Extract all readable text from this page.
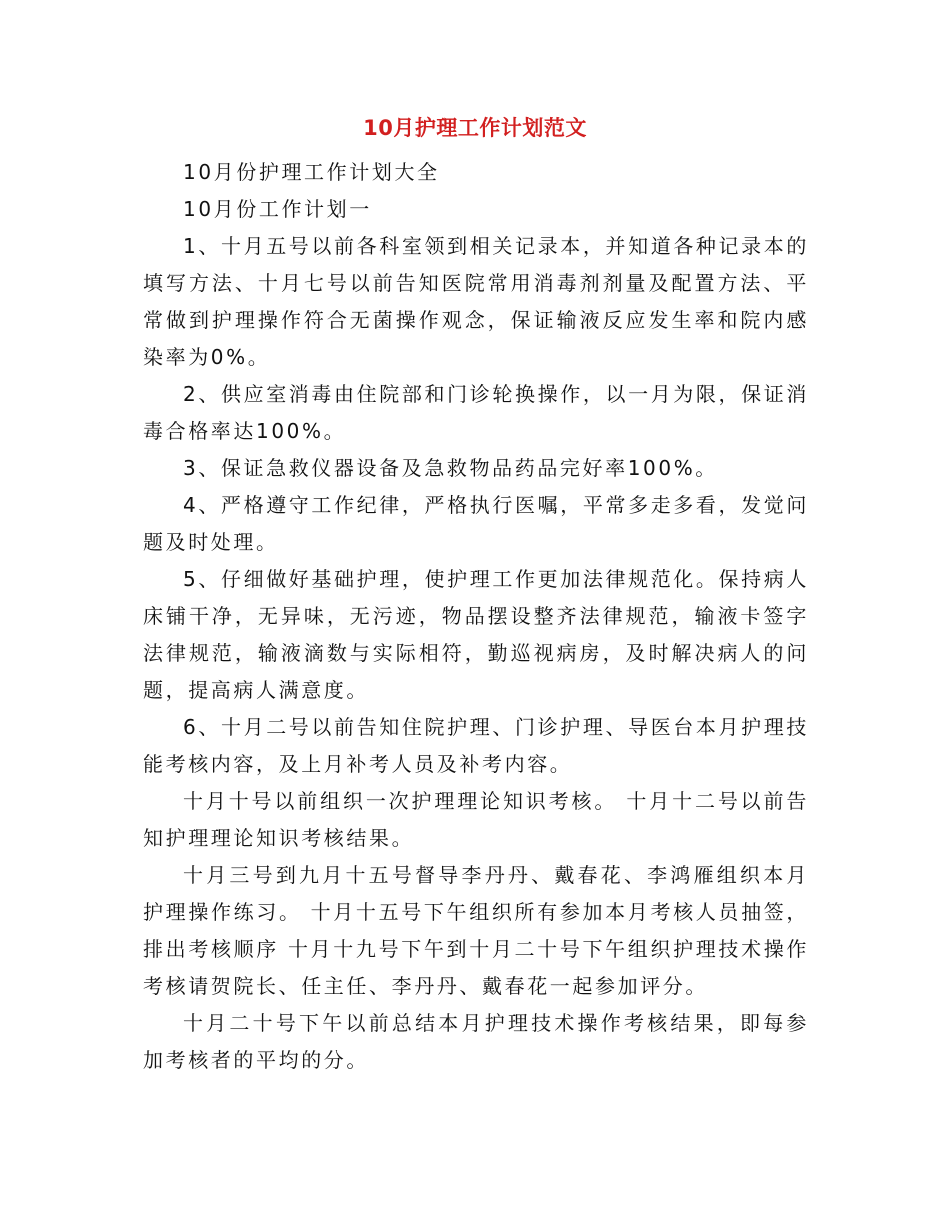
10月护理工作计划范文

10月份护理工作计划大全

10月份工作计划一

1、十月五号以前各科室领到相关记录本，并知道各种记录本的填写方法、十月七号以前告知医院常用消毒剂剂量及配置方法、平常做到护理操作符合无菌操作观念，保证输液反应发生率和院内感染率为0%。

2、供应室消毒由住院部和门诊轮换操作，以一月为限，保证消毒合格率达100%。

3、保证急救仪器设备及急救物品药品完好率100%。

4、严格遵守工作纪律，严格执行医嘱，平常多走多看，发觉问题及时处理。

5、仔细做好基础护理，使护理工作更加法律规范化。保持病人床铺干净，无异味，无污迹，物品摆设整齐法律规范，输液卡签字法律规范，输液滴数与实际相符，勤巡视病房，及时解决病人的问题，提高病人满意度。

6、十月二号以前告知住院护理、门诊护理、导医台本月护理技能考核内容，及上月补考人员及补考内容。

十月十号以前组织一次护理理论知识考核。 十月十二号以前告知护理理论知识考核结果。

十月三号到九月十五号督导李丹丹、戴春花、李鸿雁组织本月护理操作练习。 十月十五号下午组织所有参加本月考核人员抽签，排出考核顺序 十月十九号下午到十月二十号下午组织护理技术操作考核请贺院长、任主任、李丹丹、戴春花一起参加评分。

十月二十号下午以前总结本月护理技术操作考核结果，即每参加考核者的平均的分。
